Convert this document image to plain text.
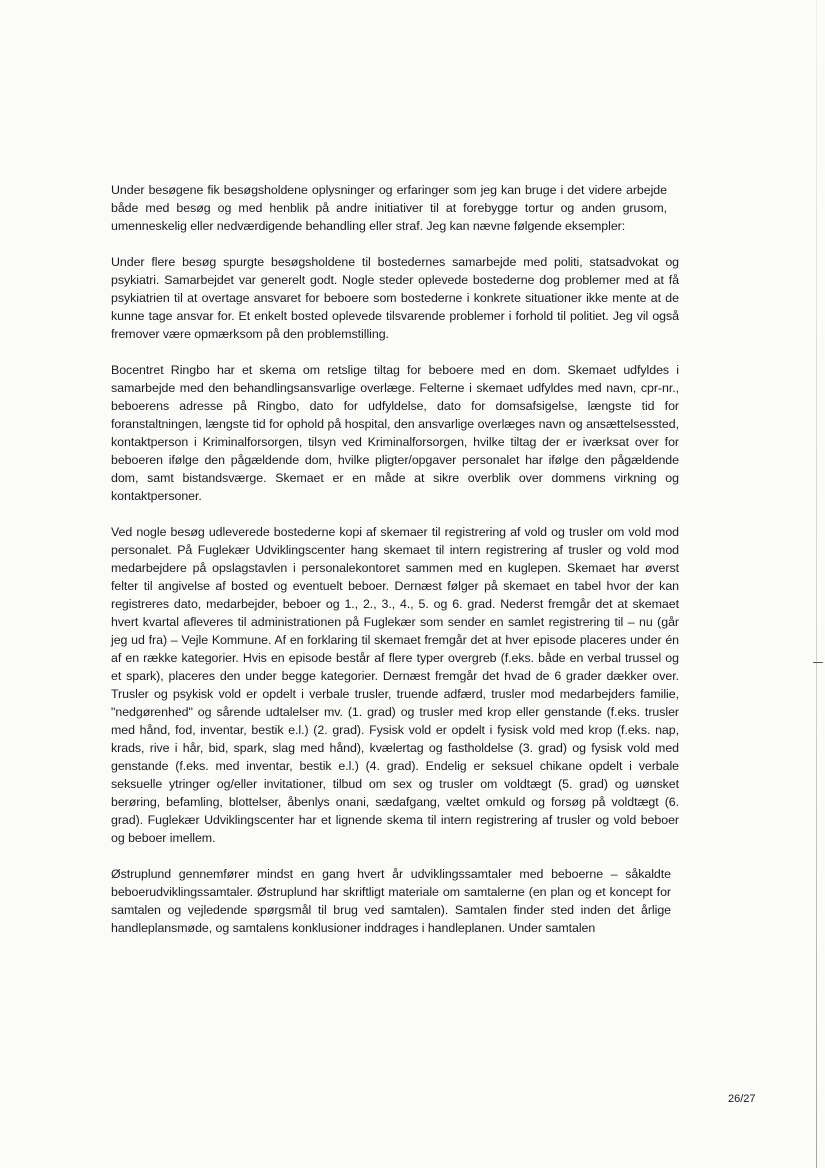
Under besøgene fik besøgsholdene oplysninger og erfaringer som jeg kan bruge i det videre arbejde både med besøg og med henblik på andre initiativer til at forebygge tortur og anden grusom, umenneskelig eller nedværdigende behandling eller straf. Jeg kan nævne følgende eksempler:

Under flere besøg spurgte besøgsholdene til bostedernes samarbejde med politi, statsadvokat og psykiatri. Samarbejdet var generelt godt. Nogle steder oplevede bostederne dog problemer med at få psykiatrien til at overtage ansvaret for beboere som bostederne i konkrete situationer ikke mente at de kunne tage ansvar for. Et enkelt bosted oplevede tilsvarende problemer i forhold til politiet. Jeg vil også fremover være opmærksom på den problemstilling.

Bocentret Ringbo har et skema om retslige tiltag for beboere med en dom. Skemaet udfyldes i samarbejde med den behandlingsansvarlige overlæge. Felterne i skemaet udfyldes med navn, cpr-nr., beboerens adresse på Ringbo, dato for udfyldelse, dato for domsafsigelse, længste tid for foranstaltningen, længste tid for ophold på hospital, den ansvarlige overlæges navn og ansættelsessted, kontaktperson i Kriminalforsorgen, tilsyn ved Kriminalforsorgen, hvilke tiltag der er iværksat over for beboeren ifølge den pågældende dom, hvilke pligter/opgaver personalet har ifølge den pågældende dom, samt bistandsværge. Skemaet er en måde at sikre overblik over dommens virkning og kontaktpersoner.

Ved nogle besøg udleverede bostederne kopi af skemaer til registrering af vold og trusler om vold mod personalet. På Fuglekær Udviklingscenter hang skemaet til intern registrering af trusler og vold mod medarbejdere på opslagstavlen i personalekontoret sammen med en kuglepen. Skemaet har øverst felter til angivelse af bosted og eventuelt beboer. Dernæst følger på skemaet en tabel hvor der kan registreres dato, medarbejder, beboer og 1., 2., 3., 4., 5. og 6. grad. Nederst fremgår det at skemaet hvert kvartal afleveres til administrationen på Fuglekær som sender en samlet registrering til – nu (går jeg ud fra) – Vejle Kommune. Af en forklaring til skemaet fremgår det at hver episode placeres under én af en række kategorier. Hvis en episode består af flere typer overgreb (f.eks. både en verbal trussel og et spark), placeres den under begge kategorier. Dernæst fremgår det hvad de 6 grader dækker over. Trusler og psykisk vold er opdelt i verbale trusler, truende adfærd, trusler mod medarbejders familie, "nedgørenhed" og sårende udtalelser mv. (1. grad) og trusler med krop eller genstande (f.eks. trusler med hånd, fod, inventar, bestik e.l.) (2. grad). Fysisk vold er opdelt i fysisk vold med krop (f.eks. nap, krads, rive i hår, bid, spark, slag med hånd), kvælertag og fastholdelse (3. grad) og fysisk vold med genstande (f.eks. med inventar, bestik e.l.) (4. grad). Endelig er seksuel chikane opdelt i verbale seksuelle ytringer og/eller invitationer, tilbud om sex og trusler om voldtægt (5. grad) og uønsket berøring, befamling, blottelser, åbenlys onani, sædafgang, væltet omkuld og forsøg på voldtægt (6. grad). Fuglekær Udviklingscenter har et lignende skema til intern registrering af trusler og vold beboer og beboer imellem.

Østruplund gennemfører mindst en gang hvert år udviklingssamtaler med beboerne – såkaldte beboerudviklingssamtaler. Østruplund har skriftligt materiale om samtalerne (en plan og et koncept for samtalen og vejledende spørgsmål til brug ved samtalen). Samtalen finder sted inden det årlige handleplansmøde, og samtalens konklusioner inddrages i handleplanen. Under samtalen

26/27
